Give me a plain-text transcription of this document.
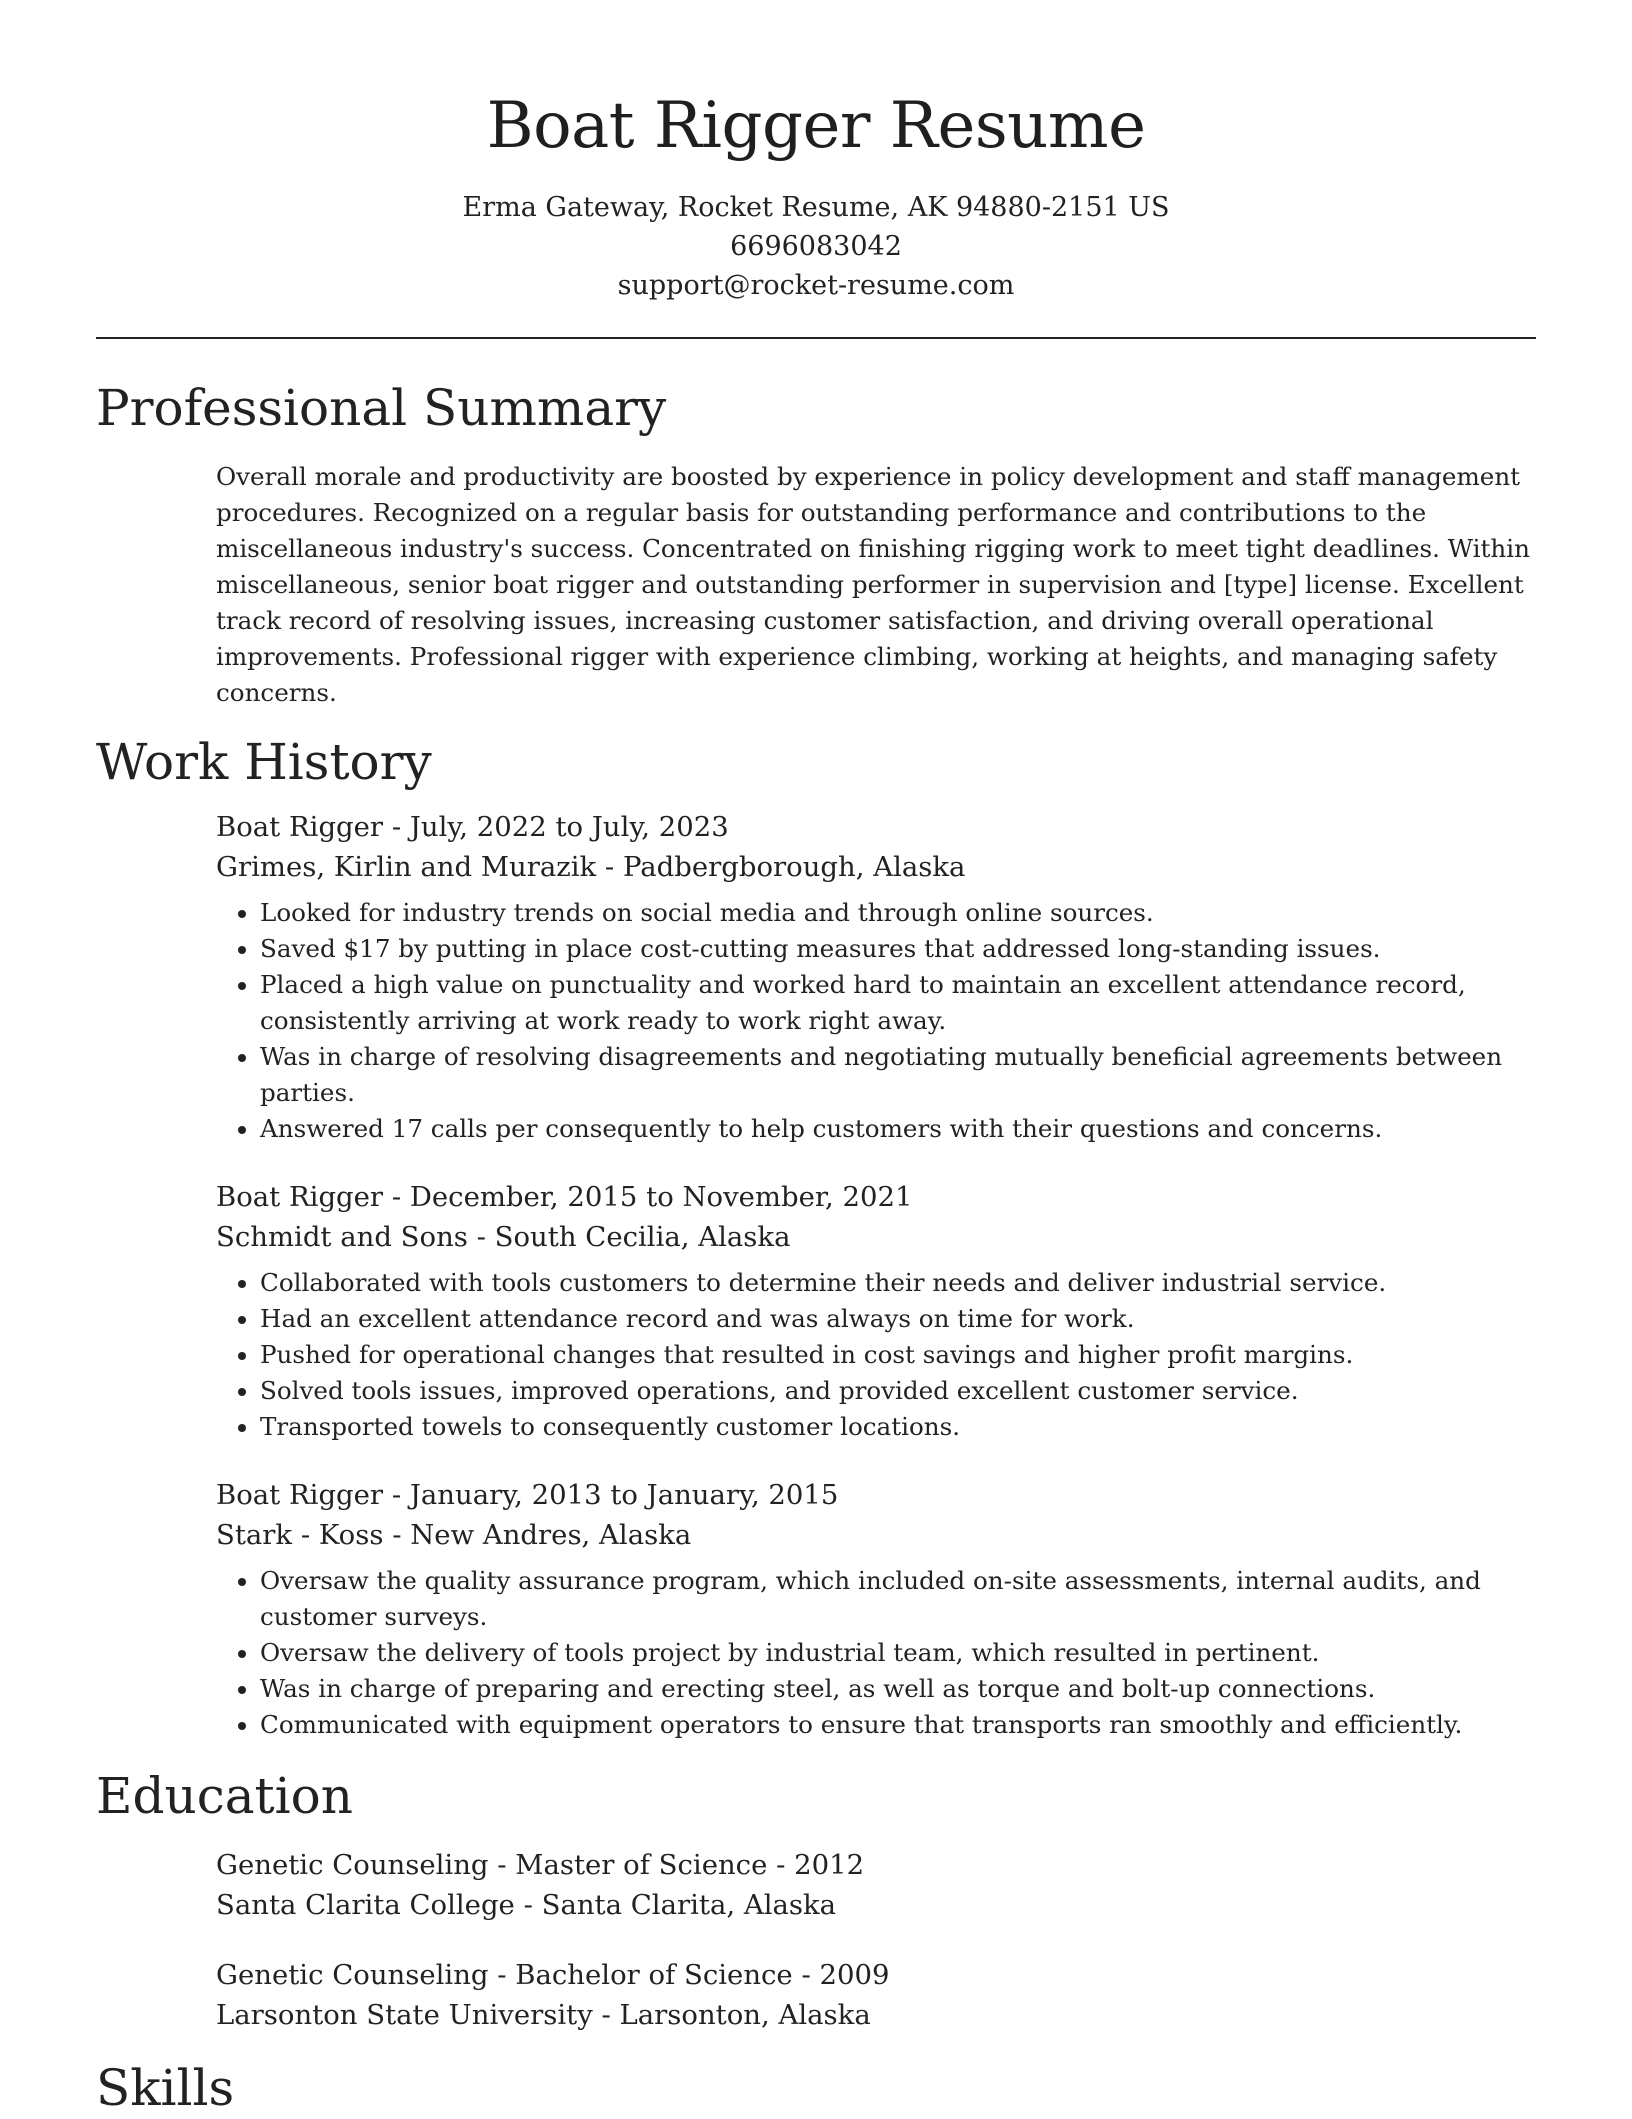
Boat Rigger Resume
Erma Gateway, Rocket Resume, AK 94880-2151 US
6696083042
support@rocket-resume.com
Professional Summary
Overall morale and productivity are boosted by experience in policy development and staff management procedures. Recognized on a regular basis for outstanding performance and contributions to the miscellaneous industry's success. Concentrated on finishing rigging work to meet tight deadlines. Within miscellaneous, senior boat rigger and outstanding performer in supervision and [type] license. Excellent track record of resolving issues, increasing customer satisfaction, and driving overall operational improvements. Professional rigger with experience climbing, working at heights, and managing safety concerns.
Work History
Boat Rigger - July, 2022 to July, 2023
Grimes, Kirlin and Murazik - Padbergborough, Alaska
• Looked for industry trends on social media and through online sources.
• Saved $17 by putting in place cost-cutting measures that addressed long-standing issues.
• Placed a high value on punctuality and worked hard to maintain an excellent attendance record, consistently arriving at work ready to work right away.
• Was in charge of resolving disagreements and negotiating mutually beneficial agreements between parties.
• Answered 17 calls per consequently to help customers with their questions and concerns.
Boat Rigger - December, 2015 to November, 2021
Schmidt and Sons - South Cecilia, Alaska
• Collaborated with tools customers to determine their needs and deliver industrial service.
• Had an excellent attendance record and was always on time for work.
• Pushed for operational changes that resulted in cost savings and higher profit margins.
• Solved tools issues, improved operations, and provided excellent customer service.
• Transported towels to consequently customer locations.
Boat Rigger - January, 2013 to January, 2015
Stark - Koss - New Andres, Alaska
• Oversaw the quality assurance program, which included on-site assessments, internal audits, and customer surveys.
• Oversaw the delivery of tools project by industrial team, which resulted in pertinent.
• Was in charge of preparing and erecting steel, as well as torque and bolt-up connections.
• Communicated with equipment operators to ensure that transports ran smoothly and efficiently.
Education
Genetic Counseling - Master of Science - 2012
Santa Clarita College - Santa Clarita, Alaska
Genetic Counseling - Bachelor of Science - 2009
Larsonton State University - Larsonton, Alaska
Skills
